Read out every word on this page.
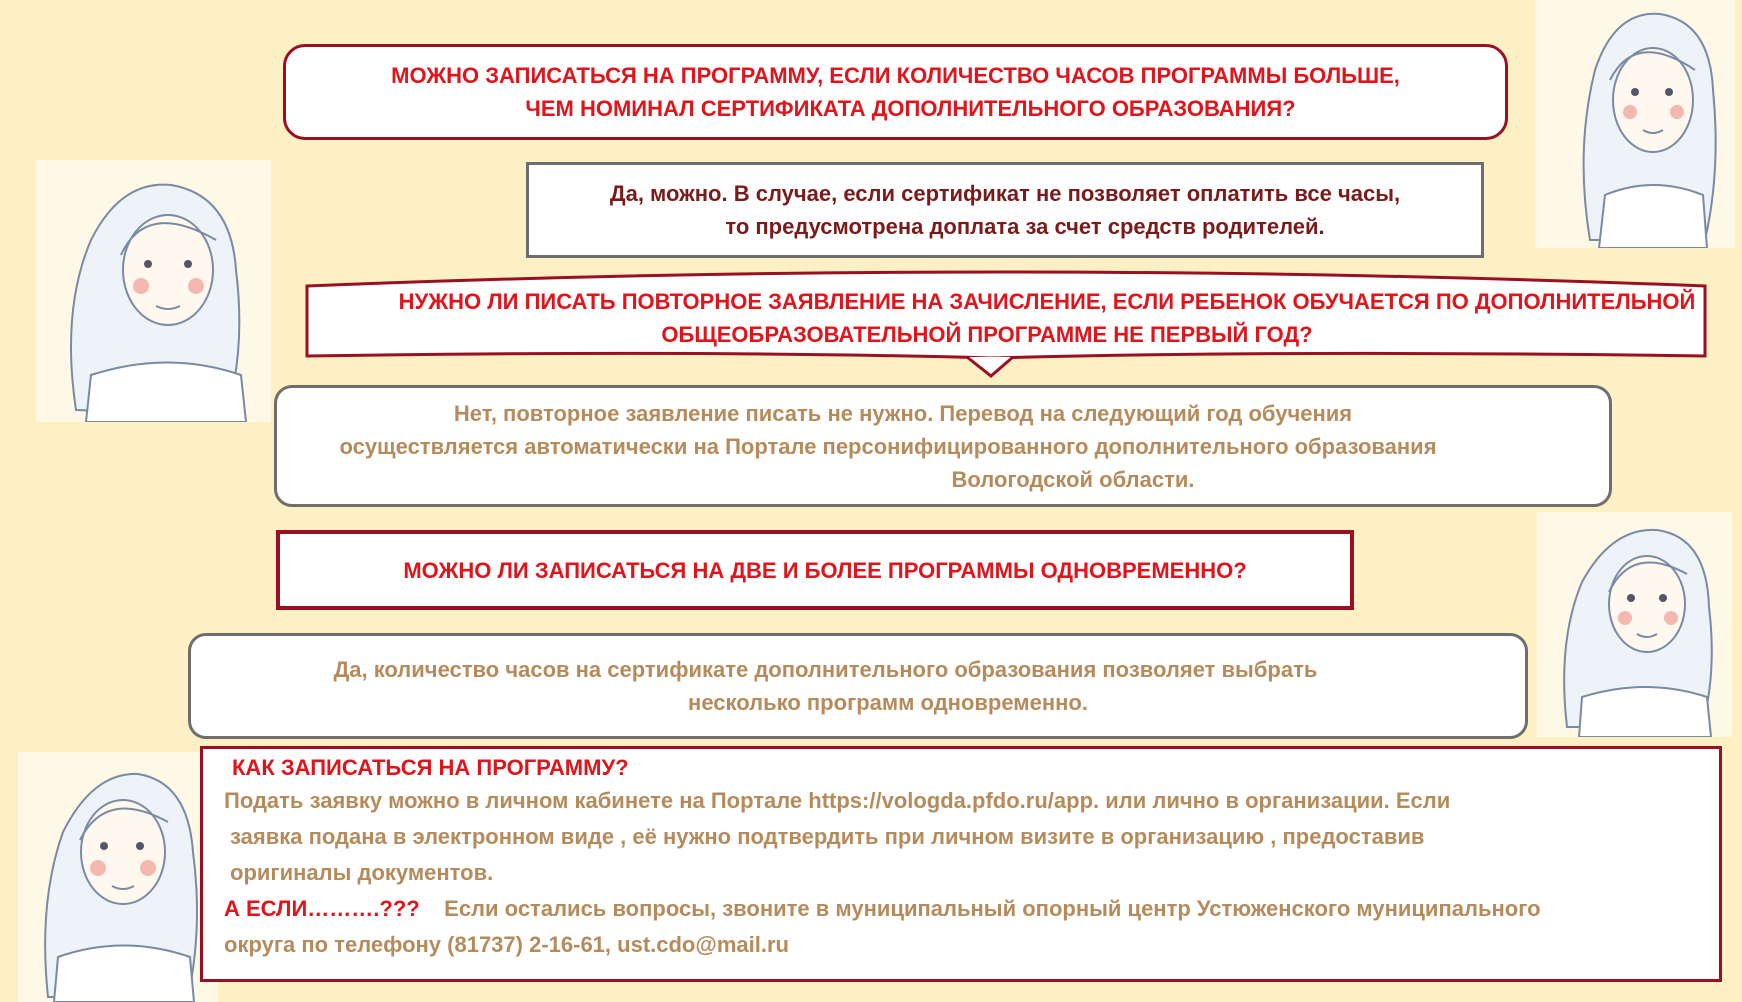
МОЖНО ЗАПИСАТЬСЯ НА ПРОГРАММУ, ЕСЛИ КОЛИЧЕСТВО ЧАСОВ ПРОГРАММЫ БОЛЬШЕ,
ЧЕМ НОМИНАЛ СЕРТИФИКАТА ДОПОЛНИТЕЛЬНОГО ОБРАЗОВАНИЯ?
Да, можно. В случае, если сертификат не позволяет оплатить все часы,
то предусмотрена доплата за счет средств родителей.
НУЖНО ЛИ ПИСАТЬ ПОВТОРНОЕ ЗАЯВЛЕНИЕ НА ЗАЧИСЛЕНИЕ, ЕСЛИ РЕБЕНОК ОБУЧАЕТСЯ ПО ДОПОЛНИТЕЛЬНОЙ
ОБЩЕОБРАЗОВАТЕЛЬНОЙ ПРОГРАММЕ НЕ ПЕРВЫЙ ГОД?
Нет, повторное заявление писать не нужно. Перевод на следующий год обучения
осуществляется автоматически на Портале персонифицированного дополнительного образования
Вологодской области.
МОЖНО ЛИ ЗАПИСАТЬСЯ НА ДВЕ И БОЛЕЕ ПРОГРАММЫ ОДНОВРЕМЕННО?
Да, количество часов на сертификате дополнительного образования позволяет выбрать
несколько программ одновременно.
КАК ЗАПИСАТЬСЯ НА ПРОГРАММУ?
Подать заявку можно в личном кабинете на Портале https://vologda.pfdo.ru/app. или лично в организации. Если
заявка подана в электронном виде , её нужно подтвердить при личном визите в организацию , предоставив
оригиналы документов.
А ЕСЛИ……….???    Если остались вопросы, звоните в муниципальный опорный центр Устюженского муниципального
округа по телефону (81737) 2-16-61, ust.cdo@mail.ru
